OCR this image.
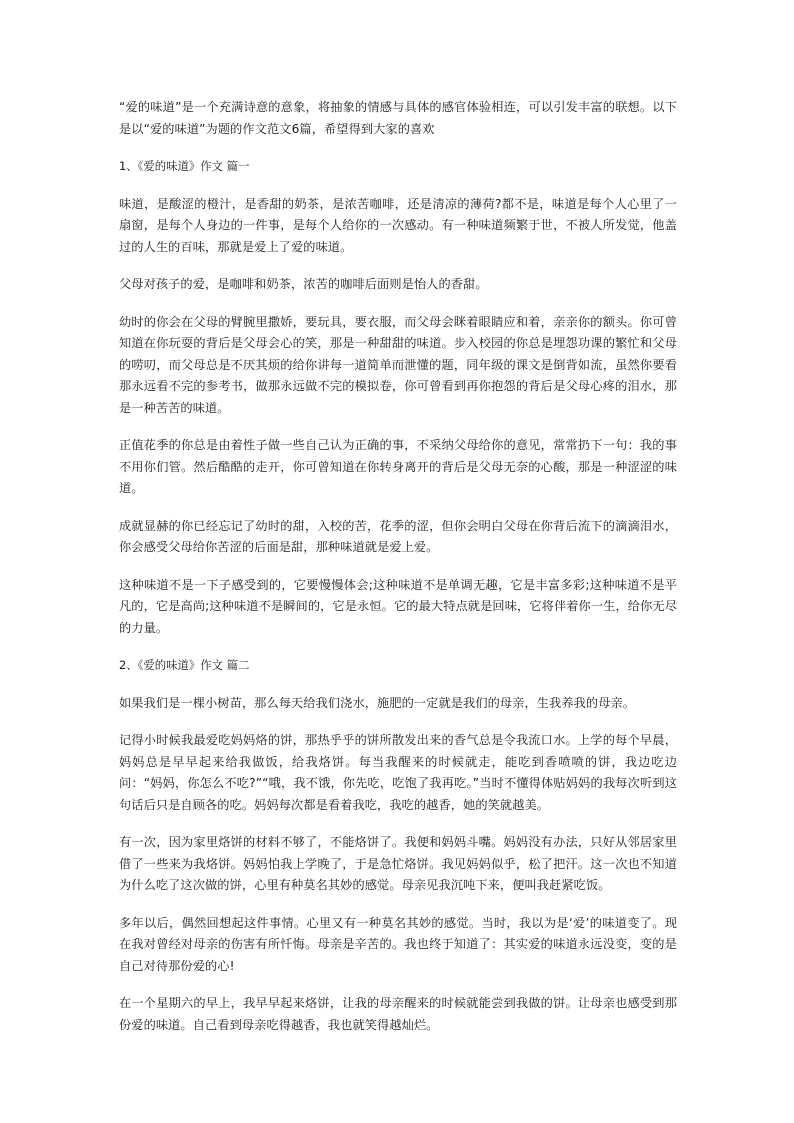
“爱的味道”是一个充满诗意的意象，将抽象的情感与具体的感官体验相连，可以引发丰富的联想。以下是以“爱的味道”为题的作文范文6篇，希望得到大家的喜欢

1、《爱的味道》作文 篇一

味道，是酸涩的橙汁，是香甜的奶茶，是浓苦咖啡，还是清凉的薄荷?都不是，味道是每个人心里了一扇窗，是每个人身边的一件事，是每个人给你的一次感动。有一种味道频繁于世，不被人所发觉，他盖过的人生的百味，那就是爱上了爱的味道。

父母对孩子的爱，是咖啡和奶茶，浓苦的咖啡后面则是怡人的香甜。

幼时的你会在父母的臂腕里撒娇，要玩具，要衣服，而父母会眯着眼睛应和着，亲亲你的额头。你可曾知道在你玩耍的背后是父母会心的笑，那是一种甜甜的味道。步入校园的你总是埋怨功课的繁忙和父母的唠叨，而父母总是不厌其烦的给你讲每一道简单而泄懂的题，同年级的课文是倒背如流，虽然你要看那永远看不完的参考书，做那永远做不完的模拟卷，你可曾看到再你抱怨的背后是父母心疼的泪水，那是一种苦苦的味道。

正值花季的你总是由着性子做一些自己认为正确的事，不采纳父母给你的意见，常常扔下一句：我的事不用你们管。然后酷酷的走开，你可曾知道在你转身离开的背后是父母无奈的心酸，那是一种涩涩的味道。

成就显赫的你已经忘记了幼时的甜，入校的苦，花季的涩，但你会明白父母在你背后流下的滴滴泪水，你会感受父母给你苦涩的后面是甜，那种味道就是爱上爱。

这种味道不是一下子感受到的，它要慢慢体会;这种味道不是单调无趣，它是丰富多彩;这种味道不是平凡的，它是高尚;这种味道不是瞬间的，它是永恒。它的最大特点就是回味，它将伴着你一生，给你无尽的力量。

2、《爱的味道》作文 篇二

如果我们是一棵小树苗，那么每天给我们浇水，施肥的一定就是我们的母亲，生我养我的母亲。

记得小时候我最爱吃妈妈烙的饼，那热乎乎的饼所散发出来的香气总是令我流口水。上学的每个早晨，妈妈总是早早起来给我做饭，给我烙饼。每当我醒来的时候就走，能吃到香喷喷的饼，我边吃边问：“妈妈，你怎么不吃?”“哦，我不饿，你先吃，吃饱了我再吃。”当时不懂得体贴妈妈的我每次听到这句话后只是自顾各的吃。妈妈每次都是看着我吃，我吃的越香，她的笑就越美。

有一次，因为家里烙饼的材料不够了，不能烙饼了。我便和妈妈斗嘴。妈妈没有办法，只好从邻居家里借了一些来为我烙饼。妈妈怕我上学晚了，于是急忙烙饼。我见妈妈似乎，松了把汗。这一次也不知道为什么吃了这次做的饼，心里有种莫名其妙的感觉。母亲见我沉吨下来，便叫我赶紧吃饭。

多年以后，偶然回想起这件事情。心里又有一种莫名其妙的感觉。当时，我以为是‘爱’的味道变了。现在我对曾经对母亲的伤害有所忏悔。母亲是辛苦的。我也终于知道了：其实爱的味道永远没变，变的是自己对待那份爱的心!

在一个星期六的早上，我早早起来烙饼，让我的母亲醒来的时候就能尝到我做的饼。让母亲也感受到那份爱的味道。自己看到母亲吃得越香，我也就笑得越灿烂。
